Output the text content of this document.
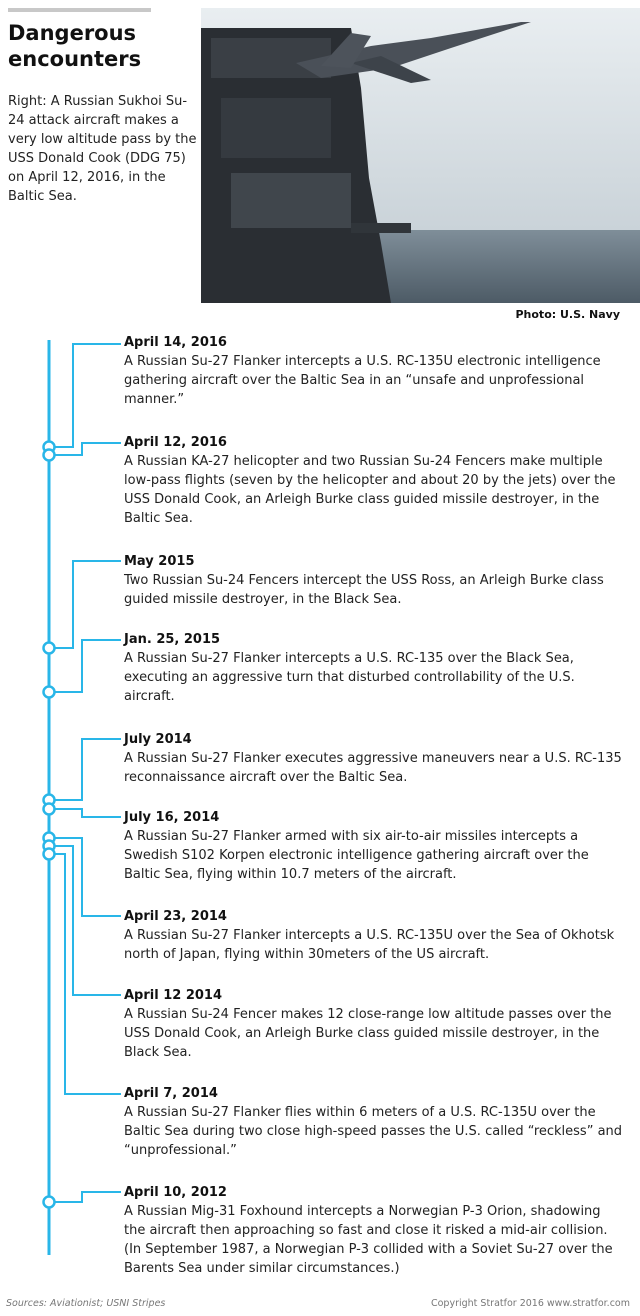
Dangerous encounters
Right: A Russian Sukhoi Su-24 attack aircraft makes a very low altitude pass by the USS Donald Cook (DDG 75) on April 12, 2016, in the Baltic Sea.
Photo: U.S. Navy
April 14, 2016
A Russian Su-27 Flanker intercepts a U.S. RC-135U electronic intelligence gathering aircraft over the Baltic Sea in an “unsafe and unprofessional manner.”
April 12, 2016
A Russian KA-27 helicopter and two Russian Su-24 Fencers make multiple low-pass flights (seven by the helicopter and about 20 by the jets) over the USS Donald Cook, an Arleigh Burke class guided missile destroyer, in the Baltic Sea.
May 2015
Two Russian Su-24 Fencers intercept the USS Ross, an Arleigh Burke class guided missile destroyer, in the Black Sea.
Jan. 25, 2015
A Russian Su-27 Flanker intercepts a U.S. RC-135 over the Black Sea, executing an aggressive turn that disturbed controllability of the U.S. aircraft.
July 2014
A Russian Su-27 Flanker executes aggressive maneuvers near a U.S. RC-135 reconnaissance aircraft over the Baltic Sea.
July 16, 2014
A Russian Su-27 Flanker armed with six air-to-air missiles intercepts a Swedish S102 Korpen electronic intelligence gathering aircraft over the Baltic Sea, flying within 10.7 meters of the aircraft.
April 23, 2014
A Russian Su-27 Flanker intercepts a U.S. RC-135U over the Sea of Okhotsk north of Japan, flying within 30meters of the US aircraft.
April 12 2014
A Russian Su-24 Fencer makes 12 close-range low altitude passes over the USS Donald Cook, an Arleigh Burke class guided missile destroyer, in the Black Sea.
April 7, 2014
A Russian Su-27 Flanker flies within 6 meters of a U.S. RC-135U over the Baltic Sea during two close high-speed passes the U.S. called “reckless” and “unprofessional.”
April 10, 2012
A Russian Mig-31 Foxhound intercepts a Norwegian P-3 Orion, shadowing the aircraft then approaching so fast and close it risked a mid-air collision. (In September 1987, a Norwegian P-3 collided with a Soviet Su-27 over the Barents Sea under similar circumstances.)
Sources: Aviationist; USNI Stripes	Copyright Stratfor 2016 www.stratfor.com
